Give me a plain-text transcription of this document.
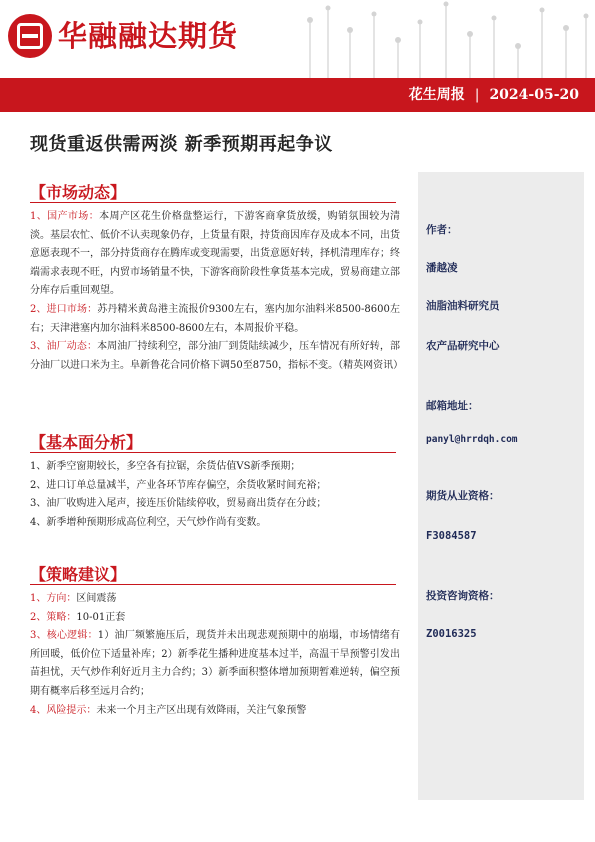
华融融达期货
花生周报 | 2024-05-20
现货重返供需两淡 新季预期再起争议
【市场动态】

1、国产市场：本周产区花生价格盘整运行，下游客商拿货放缓，购销氛围较为清淡。基层农忙、低价不认卖现象仍存，上货量有限，持货商因库存及成本不同，出货意愿表现不一，部分持货商存在腾库或变现需要，出货意愿好转，择机清理库存；终端需求表现不旺，内贸市场销量不快，下游客商阶段性拿货基本完成，贸易商建立部分库存后重回观望。

2、进口市场：苏丹精米黄岛港主流报价9300左右，塞内加尔油料米8500-8600左右；天津港塞内加尔油料米8500-8600左右，本周报价平稳。

3、油厂动态：本周油厂持续利空，部分油厂到货陆续减少，压车情况有所好转，部分油厂以进口米为主。阜新鲁花合同价格下调50至8750，指标不变。（精英网资讯）

【基本面分析】

1、新季空窗期较长，多空各有拉锯，余货估值VS新季预期；

2、进口订单总量减半，产业各环节库存偏空，余货收紧时间充裕；

3、油厂收购进入尾声，接连压价陆续停收，贸易商出货存在分歧；

4、新季增种预期形成高位利空，天气炒作尚有变数。

【策略建议】

1、方向：区间震荡

2、策略：10-01正套

3、核心逻辑：1）油厂频繁施压后，现货并未出现悲观预期中的崩塌，市场情绪有所回暖，低价位下适量补库；2）新季花生播种进度基本过半，高温干旱预警引发出苗担忧，天气炒作利好近月主力合约；3）新季面积整体增加预期暂难逆转，偏空预期有概率后移至远月合约；

4、风险提示：未来一个月主产区出现有效降雨，关注气象预警

作者：
潘越凌
油脂油料研究员
农产品研究中心
邮箱地址：
panyl@hrrdqh.com
期货从业资格：
F3084587
投资咨询资格：
Z0016325
